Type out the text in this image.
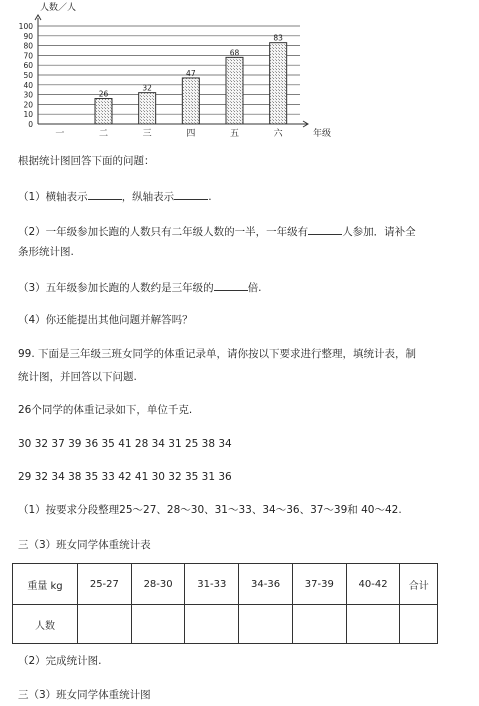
0
10
20
30
40
50
60
70
80
90
100
一
26
二
32
三
47
四
68
五
83
六
人数／人
年级
根据统计图回答下面的问题：
（1）横轴表示	，纵轴表示	.
（2）一年级参加长跑的人数只有二年级人数的一半，一年级有	人参加．请补全
条形统计图.
（3）五年级参加长跑的人数约是三年级的	倍.
（4）你还能提出其他问题并解答吗？
99. 下面是三年级三班女同学的体重记录单，请你按以下要求进行整理，填统计表，制
统计图，并回答以下问题.
26个同学的体重记录如下，单位千克.
30 32 37 39 36 35 41 28 34 31 25 38 34
29 32 34 38 35 33 42 41 30 32 35 31 36
（1）按要求分段整理25～27、28～30、31～33、34～36、37～39和 40～42.
三（3）班女同学体重统计表
重量 kg	25-27	28-30	31-33	34-36	37-39	40-42	合计
人数							
（2）完成统计图.
三（3）班女同学体重统计图
